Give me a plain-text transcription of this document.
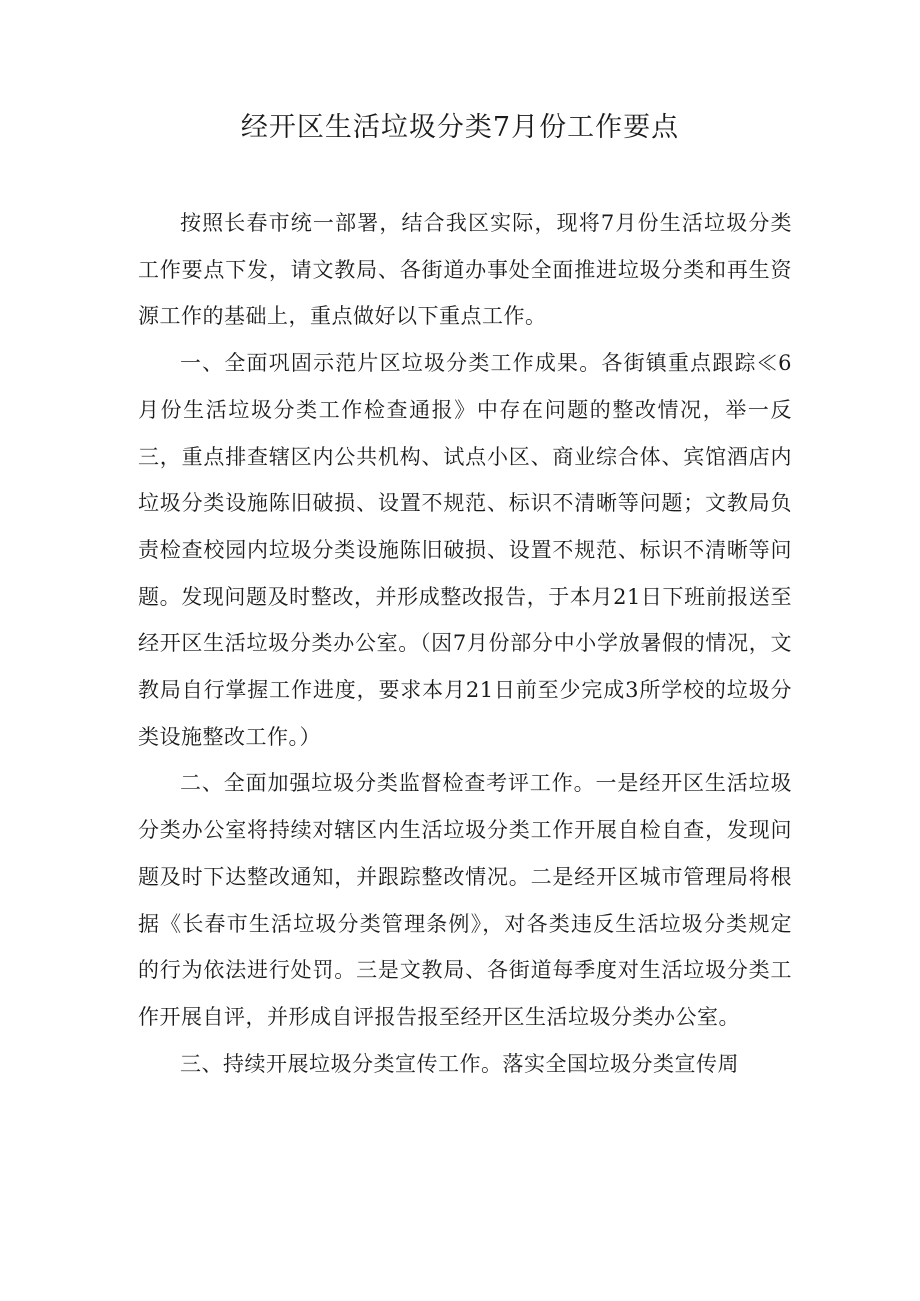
经开区生活垃圾分类7月份工作要点

按照长春市统一部署，结合我区实际，现将7月份生活垃圾分类工作要点下发，请文教局、各街道办事处全面推进垃圾分类和再生资源工作的基础上，重点做好以下重点工作。

一、全面巩固示范片区垃圾分类工作成果。各街镇重点跟踪≪6月份生活垃圾分类工作检查通报》中存在问题的整改情况，举一反三，重点排查辖区内公共机构、试点小区、商业综合体、宾馆酒店内垃圾分类设施陈旧破损、设置不规范、标识不清晰等问题；文教局负责检查校园内垃圾分类设施陈旧破损、设置不规范、标识不清晰等问题。发现问题及时整改，并形成整改报告，于本月21日下班前报送至经开区生活垃圾分类办公室。（因7月份部分中小学放暑假的情况，文教局自行掌握工作进度，要求本月21日前至少完成3所学校的垃圾分类设施整改工作。）

二、全面加强垃圾分类监督检查考评工作。一是经开区生活垃圾分类办公室将持续对辖区内生活垃圾分类工作开展自检自查，发现问题及时下达整改通知，并跟踪整改情况。二是经开区城市管理局将根据《长春市生活垃圾分类管理条例》，对各类违反生活垃圾分类规定的行为依法进行处罚。三是文教局、各街道每季度对生活垃圾分类工作开展自评，并形成自评报告报至经开区生活垃圾分类办公室。

三、持续开展垃圾分类宣传工作。落实全国垃圾分类宣传周
